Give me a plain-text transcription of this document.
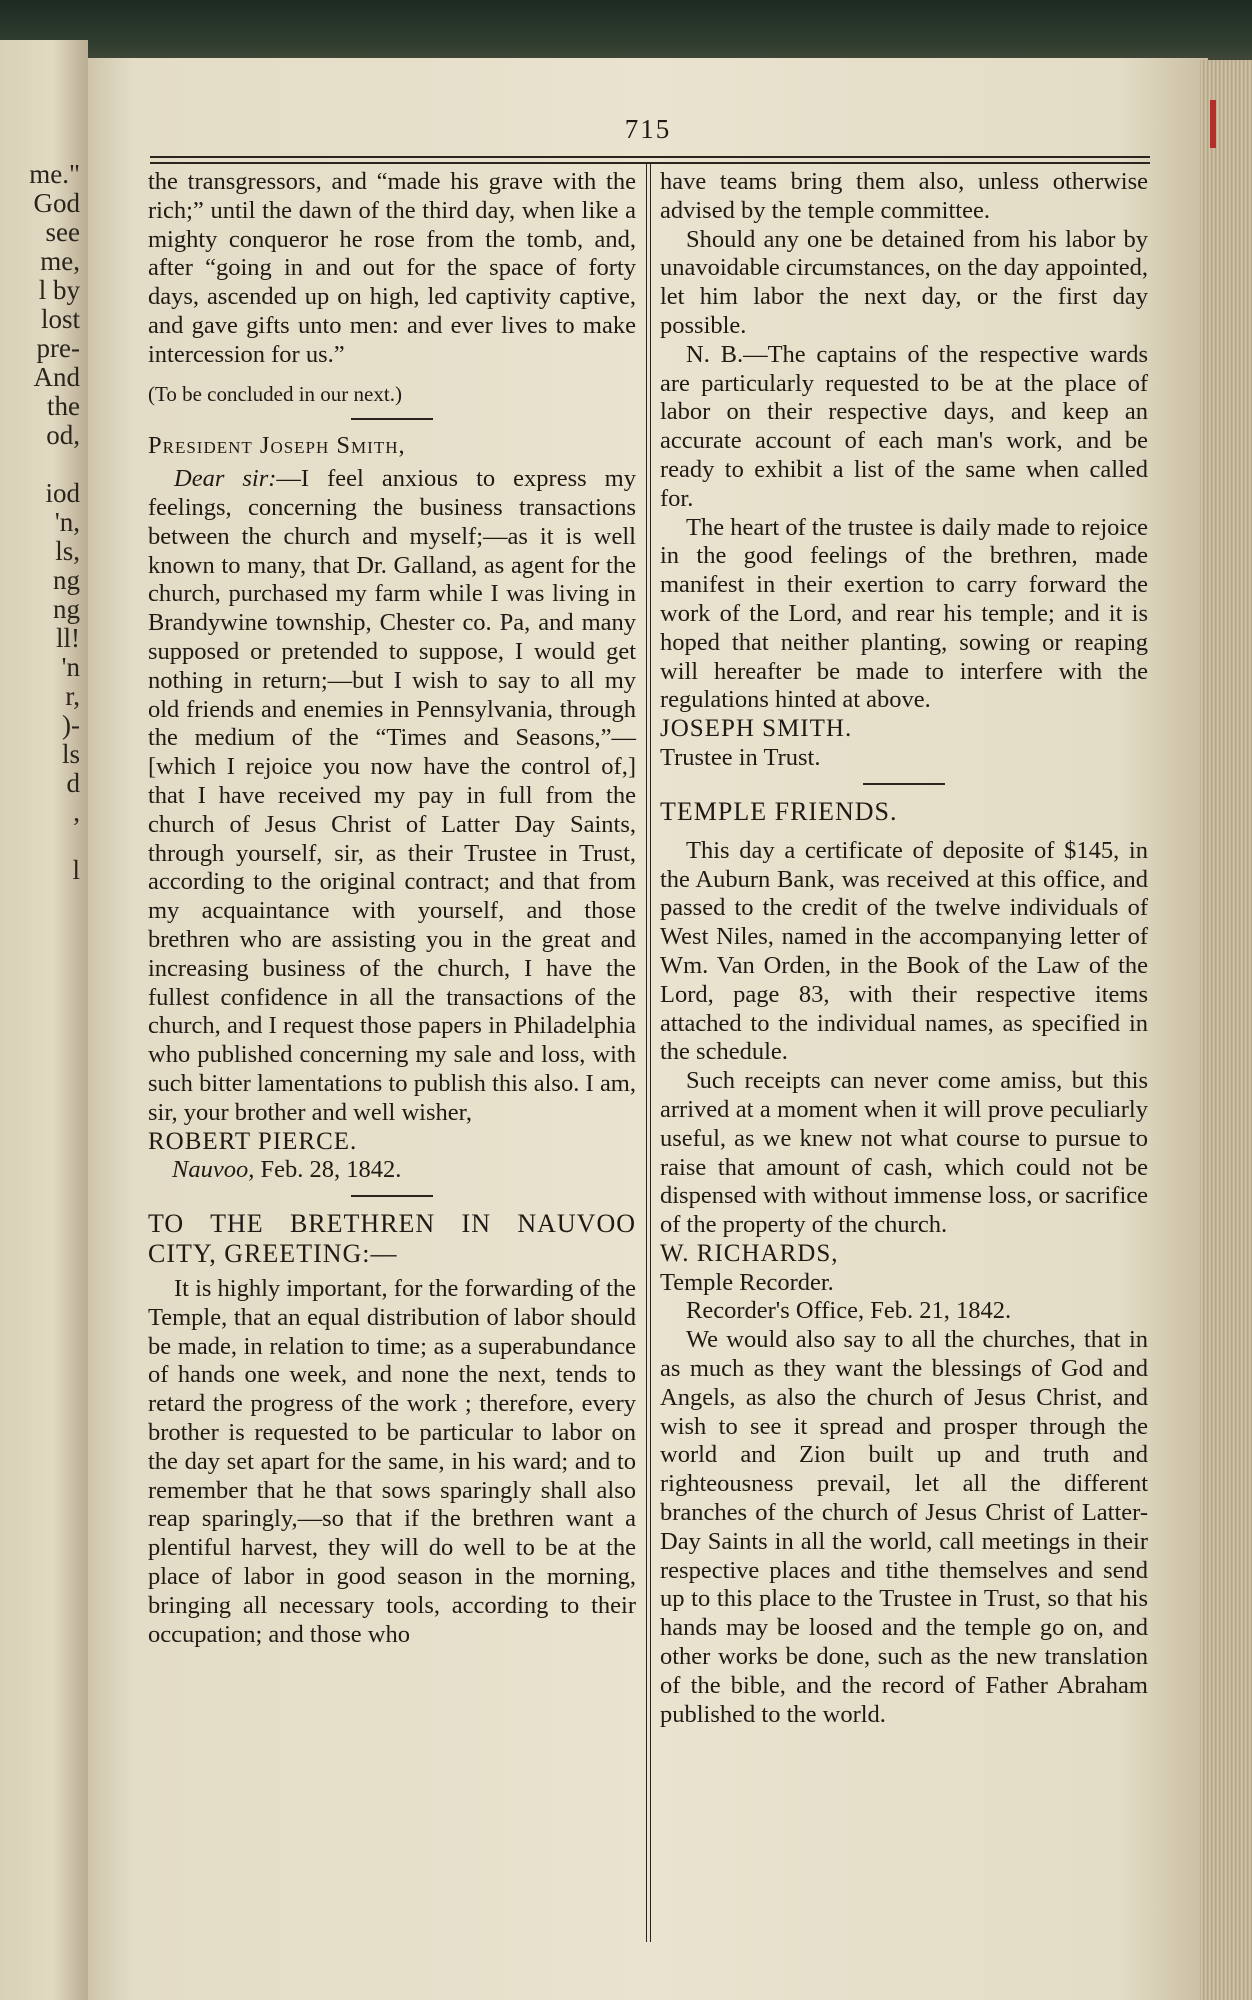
me."
God
see
me,
l by
lost
pre-
And
the
od,
iod
'n,
ls,
ng
ng
ll!
'n
r,
)-
ls
d
,
l
715

the transgressors, and “made his grave with the rich;” until the dawn of the third day, when like a mighty conqueror he rose from the tomb, and, after “going in and out for the space of forty days, ascended up on high, led captivity captive, and gave gifts unto men: and ever lives to make intercession for us.”

(To be concluded in our next.)

President Joseph Smith,

Dear sir:—I feel anxious to express my feelings, concerning the business transactions between the church and myself;—as it is well known to many, that Dr. Galland, as agent for the church, purchased my farm while I was living in Brandywine township, Chester co. Pa, and many supposed or pretended to suppose, I would get nothing in return;—but I wish to say to all my old friends and enemies in Pennsylvania, through the medium of the “Times and Seasons,”—[which I rejoice you now have the control of,] that I have received my pay in full from the church of Jesus Christ of Latter Day Saints, through yourself, sir, as their Trustee in Trust, according to the original contract; and that from my acquaintance with yourself, and those brethren who are assisting you in the great and increasing business of the church, I have the fullest confidence in all the transactions of the church, and I request those papers in Philadelphia who published concerning my sale and loss, with such bitter lamentations to publish this also. I am, sir, your brother and well wisher,

ROBERT PIERCE.

Nauvoo, Feb. 28, 1842.

TO THE BRETHREN IN NAUVOO CITY, GREETING:—

It is highly important, for the forwarding of the Temple, that an equal distribution of labor should be made, in relation to time; as a superabundance of hands one week, and none the next, tends to retard the progress of the work ; therefore, every brother is requested to be particular to labor on the day set apart for the same, in his ward; and to remember that he that sows sparingly shall also reap sparingly,—so that if the brethren want a plentiful harvest, they will do well to be at the place of labor in good season in the morning, bringing all necessary tools, according to their occupation; and those who

have teams bring them also, unless otherwise advised by the temple committee.

Should any one be detained from his labor by unavoidable circumstances, on the day appointed, let him labor the next day, or the first day possible.

N. B.—The captains of the respective wards are particularly requested to be at the place of labor on their respective days, and keep an accurate account of each man's work, and be ready to exhibit a list of the same when called for.

The heart of the trustee is daily made to rejoice in the good feelings of the brethren, made manifest in their exertion to carry forward the work of the Lord, and rear his temple; and it is hoped that neither planting, sowing or reaping will hereafter be made to interfere with the regulations hinted at above.

JOSEPH SMITH.

Trustee in Trust.

TEMPLE FRIENDS.

This day a certificate of deposite of $145, in the Auburn Bank, was received at this office, and passed to the credit of the twelve individuals of West Niles, named in the accompanying letter of Wm. Van Orden, in the Book of the Law of the Lord, page 83, with their respective items attached to the individual names, as specified in the schedule.

Such receipts can never come amiss, but this arrived at a moment when it will prove peculiarly useful, as we knew not what course to pursue to raise that amount of cash, which could not be dispensed with without immense loss, or sacrifice of the property of the church.

W. RICHARDS,

Temple Recorder.

Recorder's Office, Feb. 21, 1842.

We would also say to all the churches, that in as much as they want the blessings of God and Angels, as also the church of Jesus Christ, and wish to see it spread and prosper through the world and Zion built up and truth and righteousness prevail, let all the different branches of the church of Jesus Christ of Latter-Day Saints in all the world, call meetings in their respective places and tithe themselves and send up to this place to the Trustee in Trust, so that his hands may be loosed and the temple go on, and other works be done, such as the new translation of the bible, and the record of Father Abraham published to the world.
